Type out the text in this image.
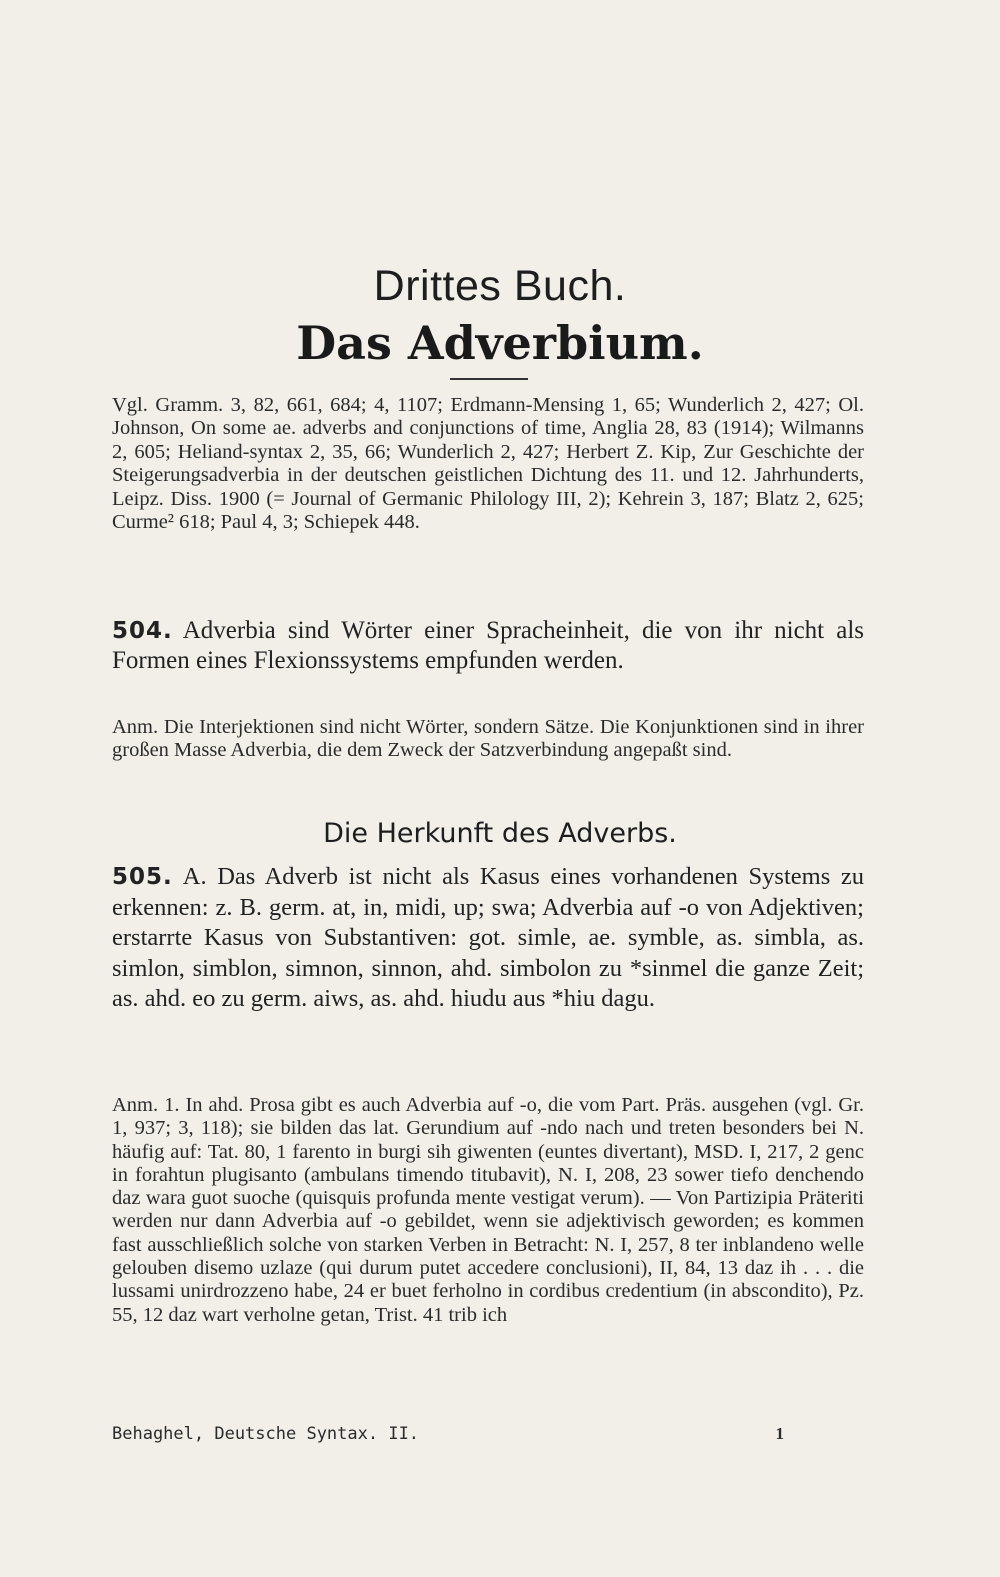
Drittes Buch.
Das Adverbium.

Vgl. Gramm. 3, 82, 661, 684; 4, 1107; Erdmann-Mensing 1, 65; Wunderlich 2, 427; Ol. Johnson, On some ae. adverbs and conjunctions of time, Anglia 28, 83 (1914); Wilmanns 2, 605; Heliand-syntax 2, 35, 66; Wunderlich 2, 427; Herbert Z. Kip, Zur Geschichte der Steigerungsadverbia in der deutschen geistlichen Dichtung des 11. und 12. Jahrhunderts, Leipz. Diss. 1900 (= Journal of Germanic Philology III, 2); Kehrein 3, 187; Blatz 2, 625; Curme² 618; Paul 4, 3; Schiepek 448.

504. Adverbia sind Wörter einer Spracheinheit, die von ihr nicht als Formen eines Flexionssystems empfunden werden.

Anm. Die Interjektionen sind nicht Wörter, sondern Sätze. Die Konjunktionen sind in ihrer großen Masse Adverbia, die dem Zweck der Satzverbindung angepaßt sind.

Die Herkunft des Adverbs.

505. A. Das Adverb ist nicht als Kasus eines vorhandenen Systems zu erkennen: z. B. germ. at, in, midi, up; swa; Adverbia auf -o von Adjektiven; erstarrte Kasus von Substantiven: got. simle, ae. symble, as. simbla, as. simlon, simblon, simnon, sinnon, ahd. simbolon zu *sinmel die ganze Zeit; as. ahd. eo zu germ. aiws, as. ahd. hiudu aus *hiu dagu.

Anm. 1. In ahd. Prosa gibt es auch Adverbia auf -o, die vom Part. Präs. ausgehen (vgl. Gr. 1, 937; 3, 118); sie bilden das lat. Gerundium auf -ndo nach und treten besonders bei N. häufig auf: Tat. 80, 1 farento in burgi sih giwenten (euntes divertant), MSD. I, 217, 2 genc in forahtun plugisanto (ambulans timendo titubavit), N. I, 208, 23 sower tiefo denchendo daz wara guot suoche (quisquis profunda mente vestigat verum). — Von Partizipia Präteriti werden nur dann Adverbia auf -o gebildet, wenn sie adjektivisch geworden; es kommen fast ausschließlich solche von starken Verben in Betracht: N. I, 257, 8 ter inblandeno welle gelouben disemo uzlaze (qui durum putet accedere conclusioni), II, 84, 13 daz ih . . . die lussami unirdrozzeno habe, 24 er buet ferholno in cordibus credentium (in abscondito), Pz. 55, 12 daz wart verholne getan, Trist. 41 trib ich

Behaghel, Deutsche Syntax. II.	1
